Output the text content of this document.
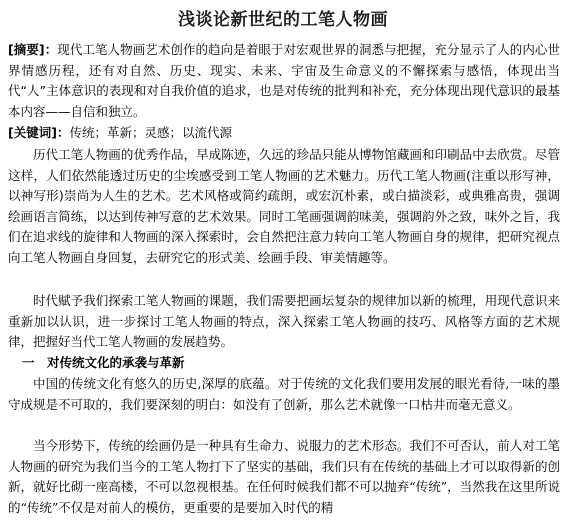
浅谈论新世纪的工笔人物画
[摘要]：现代工笔人物画艺术创作的趋向是着眼于对宏观世界的洞悉与把握，充分显示了人的内心世界情感历程，还有对自然、历史、现实、未来、宇宙及生命意义的不懈探索与感悟，体现出当代“人”主体意识的表现和对自我价值的追求，也是对传统的批判和补充，充分体现出现代意识的最基本内容——自信和独立。
[关键词]：传统；革新；灵感；以流代源

历代工笔人物画的优秀作品，早成陈迹，久远的珍品只能从博物馆藏画和印刷品中去欣赏。尽管这样，人们依然能透过历史的尘埃感受到工笔人物画的艺术魅力。历代工笔人物画(注重以形写神，以神写形)崇尚为人生的艺术。艺术风格或简约疏朗，或宏沉朴素，或白描淡彩，或典雅高贵，强调绘画语言简练，以达到传神写意的艺术效果。同时工笔画强调韵味美，强调韵外之致，味外之旨，我们在追求线的旋律和人物画的深入探索时，会自然把注意力转向工笔人物画自身的规律，把研究视点向工笔人物画自身回复，去研究它的形式美、绘画手段、审美情趣等。

时代赋予我们探索工笔人物画的课题，我们需要把画坛复杂的规律加以新的梳理，用现代意识来重新加以认识，进一步探讨工笔人物画的特点，深入探索工笔人物画的技巧、风格等方面的艺术规律，把握好当代工笔人物画的发展趋势。

一　对传统文化的承袭与革新

中国的传统文化有悠久的历史,深厚的底蕴。对于传统的文化我们要用发展的眼光看待,一味的墨守成规是不可取的，我们要深刻的明白：如没有了创新，那么艺术就像一口枯井而毫无意义。

当今形势下，传统的绘画仍是一种具有生命力、说服力的艺术形态。我们不可否认，前人对工笔人物画的研究为我们当今的工笔人物打下了坚实的基础，我们只有在传统的基础上才可以取得新的创新，就好比砌一座高楼，不可以忽视根基。在任何时候我们都不可以抛弃“传统”，当然我在这里所说的“传统”不仅是对前人的模仿，更重要的是要加入时代的精
